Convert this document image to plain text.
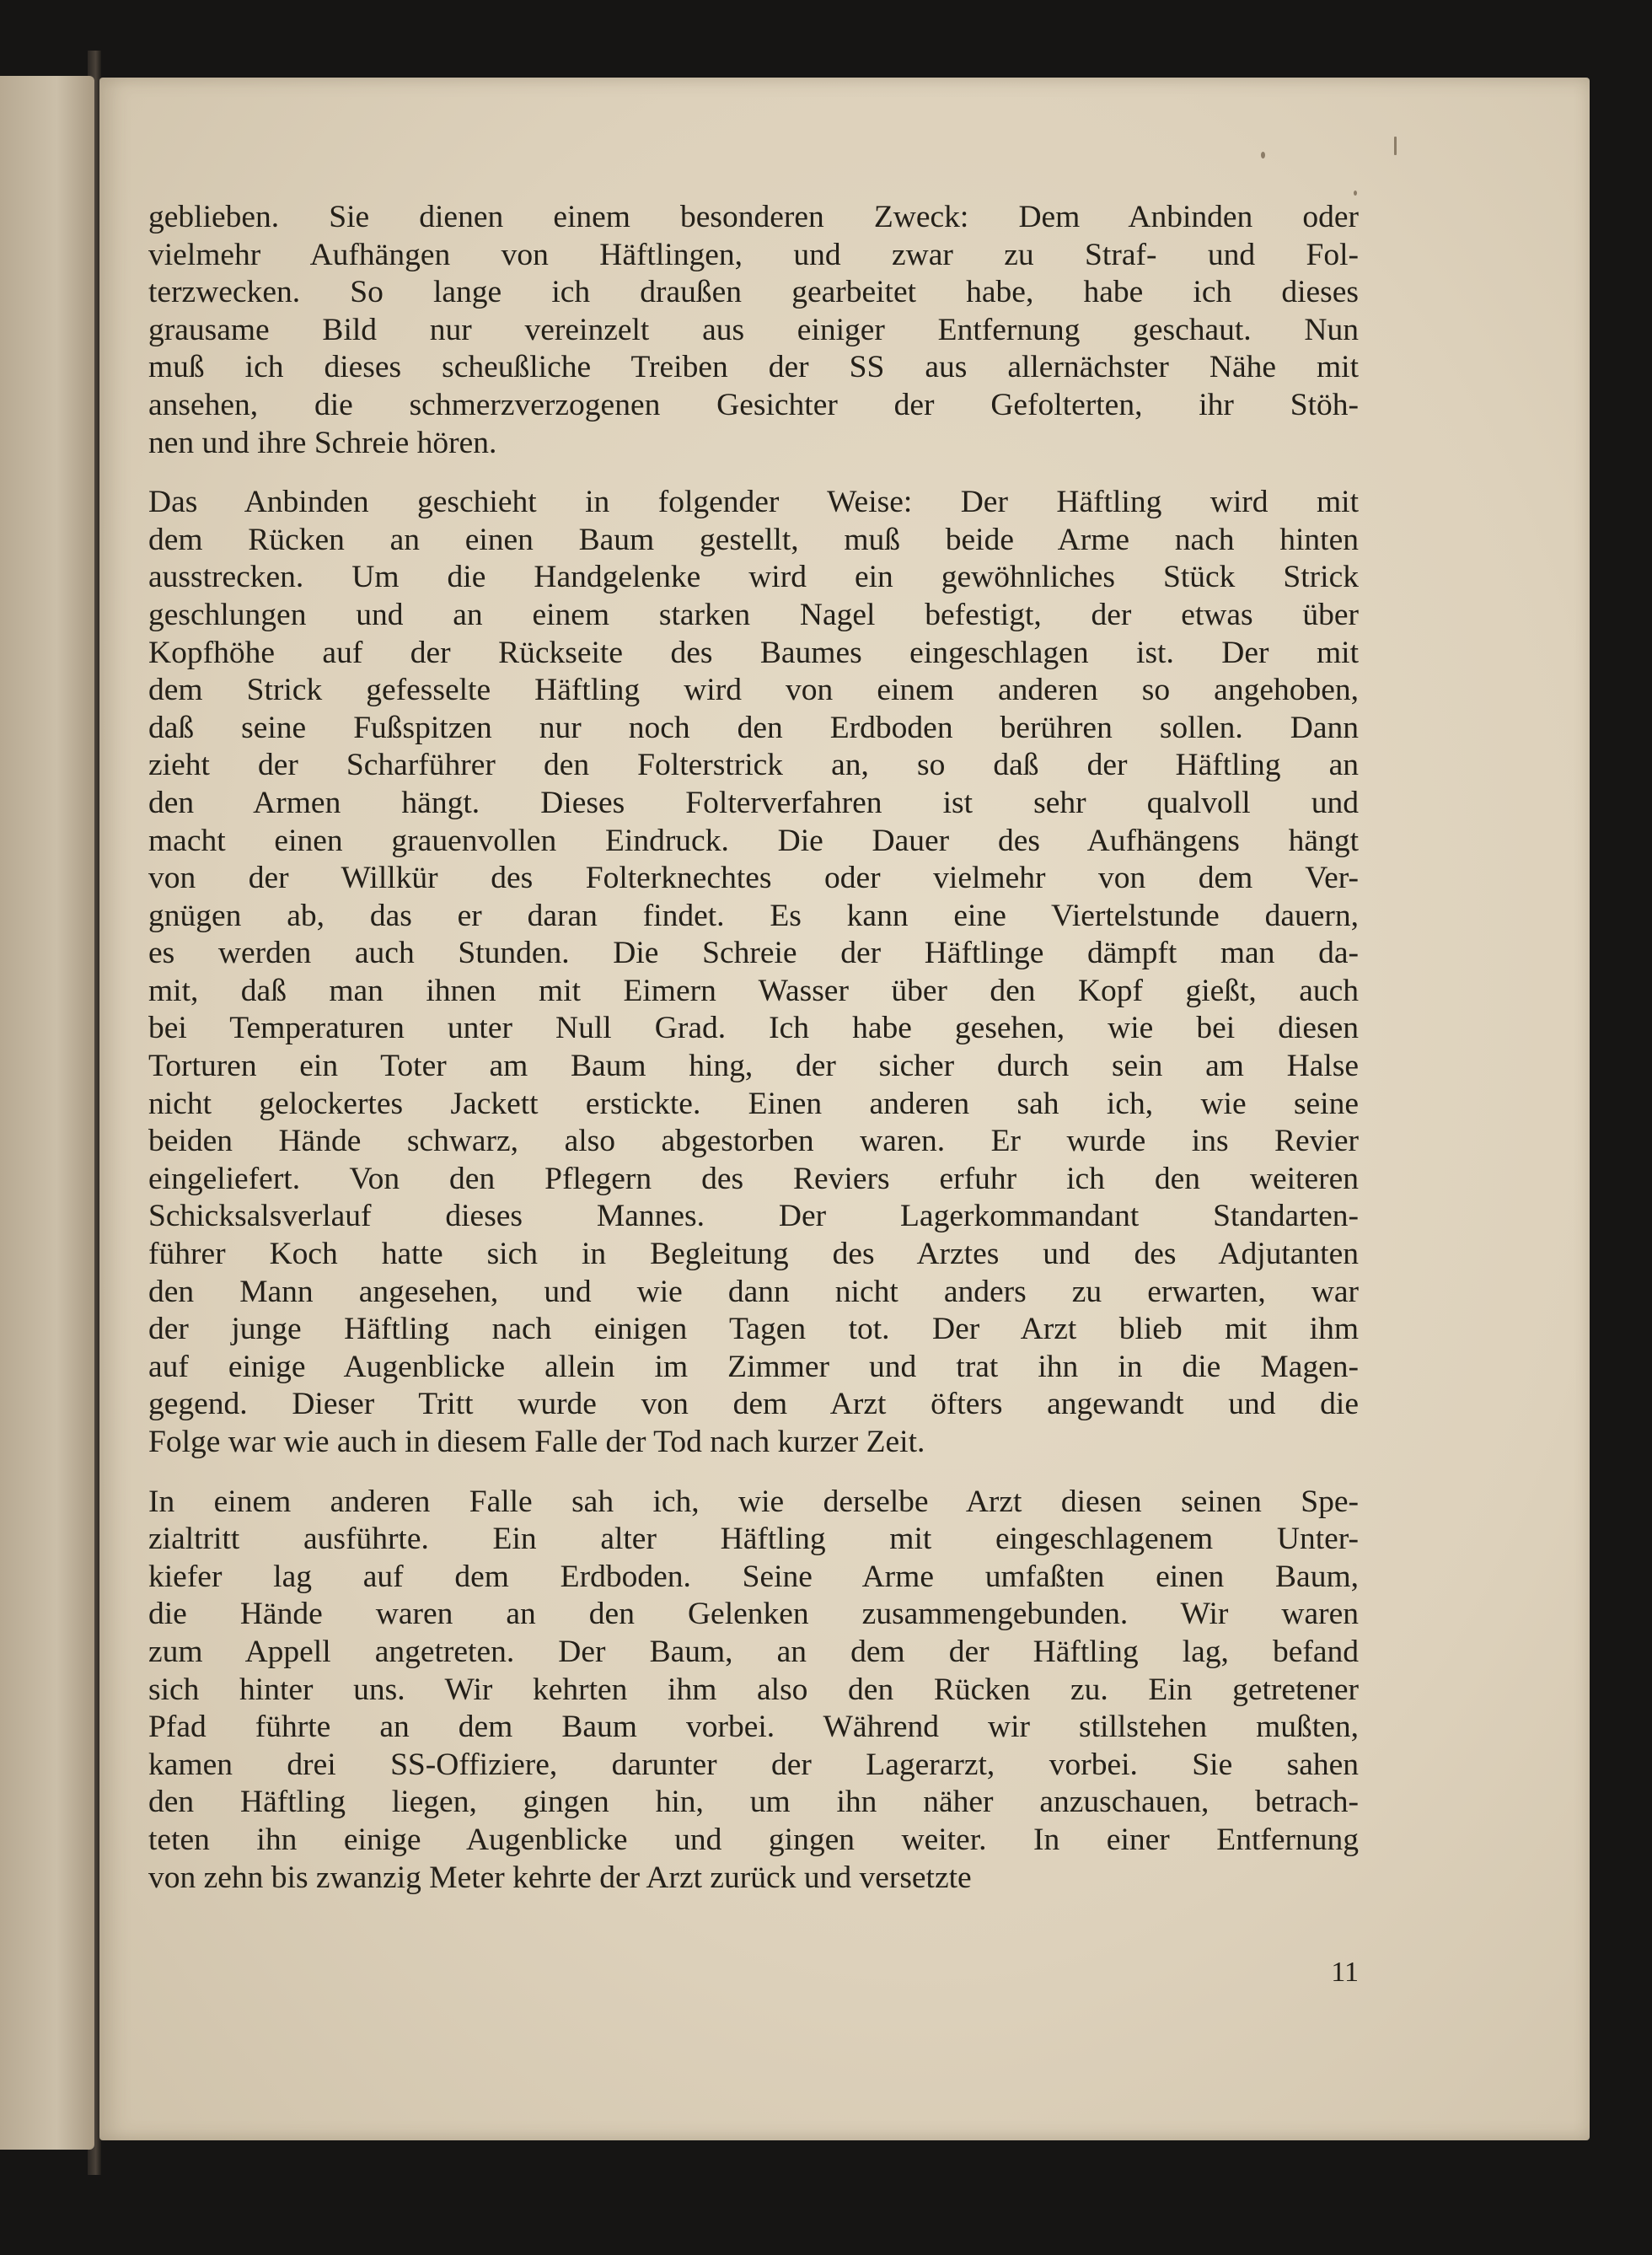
geblieben. Sie dienen einem besonderen Zweck: Dem Anbinden oder
vielmehr Aufhängen von Häftlingen, und zwar zu Straf- und Fol-
terzwecken. So lange ich draußen gearbeitet habe, habe ich dieses
grausame Bild nur vereinzelt aus einiger Entfernung geschaut. Nun
muß ich dieses scheußliche Treiben der SS aus allernächster Nähe mit
ansehen, die schmerzverzogenen Gesichter der Gefolterten, ihr Stöh-
nen und ihre Schreie hören.
Das Anbinden geschieht in folgender Weise: Der Häftling wird mit
dem Rücken an einen Baum gestellt, muß beide Arme nach hinten
ausstrecken. Um die Handgelenke wird ein gewöhnliches Stück Strick
geschlungen und an einem starken Nagel befestigt, der etwas über
Kopfhöhe auf der Rückseite des Baumes eingeschlagen ist. Der mit
dem Strick gefesselte Häftling wird von einem anderen so angehoben,
daß seine Fußspitzen nur noch den Erdboden berühren sollen. Dann
zieht der Scharführer den Folterstrick an, so daß der Häftling an
den Armen hängt. Dieses Folterverfahren ist sehr qualvoll und
macht einen grauenvollen Eindruck. Die Dauer des Aufhängens hängt
von der Willkür des Folterknechtes oder vielmehr von dem Ver-
gnügen ab, das er daran findet. Es kann eine Viertelstunde dauern,
es werden auch Stunden. Die Schreie der Häftlinge dämpft man da-
mit, daß man ihnen mit Eimern Wasser über den Kopf gießt, auch
bei Temperaturen unter Null Grad. Ich habe gesehen, wie bei diesen
Torturen ein Toter am Baum hing, der sicher durch sein am Halse
nicht gelockertes Jackett erstickte. Einen anderen sah ich, wie seine
beiden Hände schwarz, also abgestorben waren. Er wurde ins Revier
eingeliefert. Von den Pflegern des Reviers erfuhr ich den weiteren
Schicksalsverlauf dieses Mannes. Der Lagerkommandant Standarten-
führer Koch hatte sich in Begleitung des Arztes und des Adjutanten
den Mann angesehen, und wie dann nicht anders zu erwarten, war
der junge Häftling nach einigen Tagen tot. Der Arzt blieb mit ihm
auf einige Augenblicke allein im Zimmer und trat ihn in die Magen-
gegend. Dieser Tritt wurde von dem Arzt öfters angewandt und die
Folge war wie auch in diesem Falle der Tod nach kurzer Zeit.
In einem anderen Falle sah ich, wie derselbe Arzt diesen seinen Spe-
zialtritt ausführte. Ein alter Häftling mit eingeschlagenem Unter-
kiefer lag auf dem Erdboden. Seine Arme umfaßten einen Baum,
die Hände waren an den Gelenken zusammengebunden. Wir waren
zum Appell angetreten. Der Baum, an dem der Häftling lag, befand
sich hinter uns. Wir kehrten ihm also den Rücken zu. Ein getretener
Pfad führte an dem Baum vorbei. Während wir stillstehen mußten,
kamen drei SS-Offiziere, darunter der Lagerarzt, vorbei. Sie sahen
den Häftling liegen, gingen hin, um ihn näher anzuschauen, betrach-
teten ihn einige Augenblicke und gingen weiter. In einer Entfernung
von zehn bis zwanzig Meter kehrte der Arzt zurück und versetzte
11
